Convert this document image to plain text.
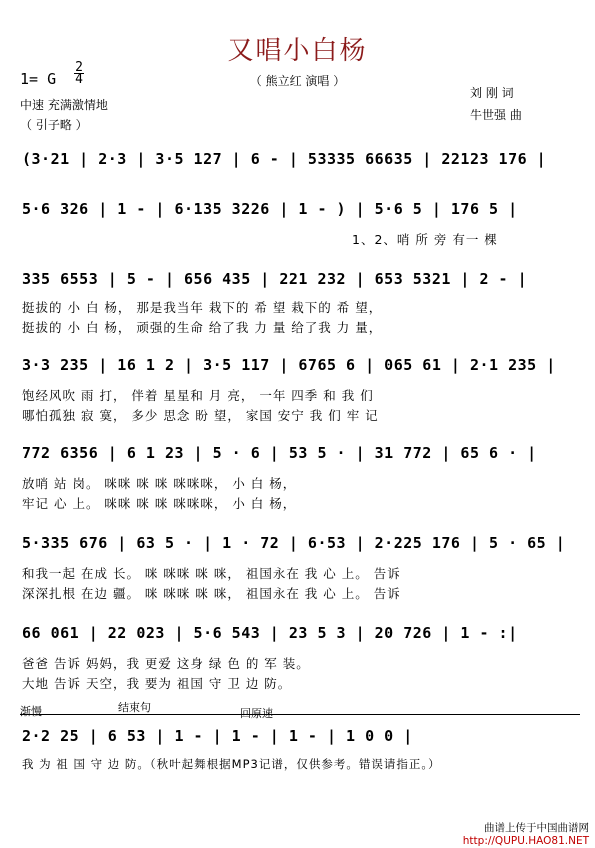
又唱小白杨
（ 熊立红 演唱 ）
1= G
2
4
中速 充满激情地
（ 引子略 ）
刘 刚 词
牛世强 曲
(3·21 | 2·3 | 3·5 127 | 6 - | 53335 66635 | 22123 176 |
5·6 326 | 1 - | 6·135 3226 | 1 - ) | 5·6 5 | 176 5 |
1、2、哨 所 旁 有一 棵
335 6553 | 5 - | 656 435 | 221 232 | 653 5321 | 2 - |
挺拔的 小 白 杨， 那是我当年 栽下的 希 望 栽下的 希 望，
挺拔的 小 白 杨， 顽强的生命 给了我 力 量 给了我 力 量，
3·3 235 | 16 1 2 | 3·5 117 | 6765 6 | 065 61 | 2·1 235 |
饱经风吹 雨 打， 伴着 星星和 月 亮， 一年 四季 和 我 们
哪怕孤独 寂 寞， 多少 思念 盼 望， 家国 安宁 我 们 牢 记
772 6356 | 6 1 23 | 5 · 6 | 53 5 · | 31 772 | 65 6 · |
放哨 站 岗。 咪咪 咪 咪 咪咪咪， 小 白 杨，
牢记 心 上。 咪咪 咪 咪 咪咪咪， 小 白 杨，
5·335 676 | 63 5 · | 1 · 72 | 6·53 | 2·225 176 | 5 · 65 |
和我一起 在成 长。 咪 咪咪 咪 咪， 祖国永在 我 心 上。 告诉
深深扎根 在边 疆。 咪 咪咪 咪 咪， 祖国永在 我 心 上。 告诉
66 061 | 22 023 | 5·6 543 | 23 5 3 | 20 726 | 1 - :|
爸爸 告诉 妈妈，我 更爱 这身 绿 色 的 军 装。
大地 告诉 天空，我 要为 祖国 守 卫 边 防。
渐慢	结束句	回原速
2·2 25 | 6 53 | 1 - | 1 - | 1 - | 1 0 0 |
我 为 祖 国 守 边 防。（秋叶起舞根据MP3记谱，仅供参考。错误请指正。）
曲谱上传于中国曲谱网
http://QUPU.HAO81.NET
